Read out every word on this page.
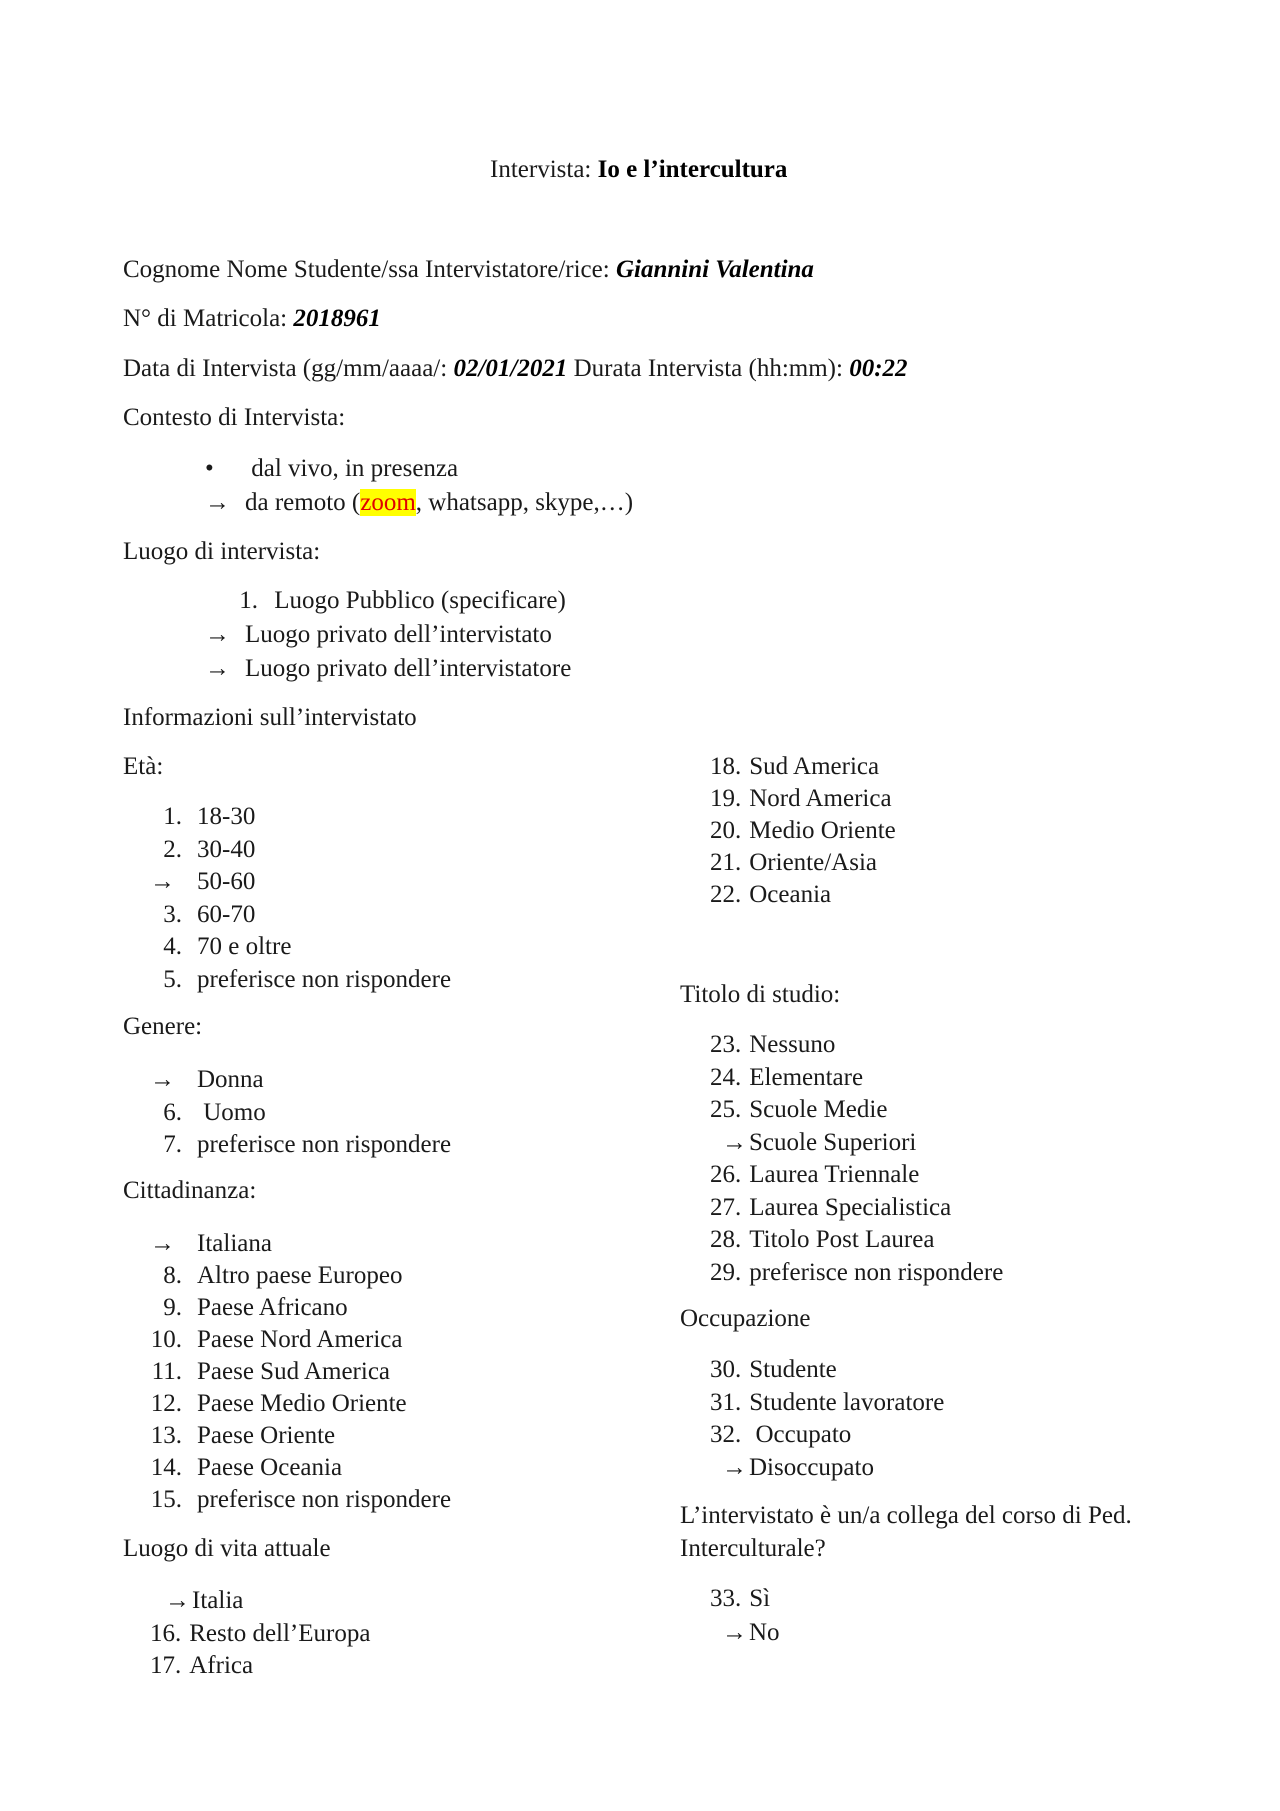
Intervista: Io e l’intercultura
Cognome Nome Studente/ssa Intervistatore/rice: Giannini Valentina
N° di Matricola: 2018961
Data di Intervista (gg/mm/aaaa/: 02/01/2021 Durata Intervista (hh:mm): 00:22
Contesto di Intervista:
• dal vivo, in presenza
→ da remoto (zoom, whatsapp, skype,…)
Luogo di intervista:
1. Luogo Pubblico (specificare)
→ Luogo privato dell’intervistato
→ Luogo privato dell’intervistatore
Informazioni sull’intervistato
Età:
1. 18-30
2. 30-40
→ 50-60
3. 60-70
4. 70 e oltre
5. preferisce non rispondere
Genere:
→ Donna
6. Uomo
7. preferisce non rispondere
Cittadinanza:
→ Italiana
8. Altro paese Europeo
9. Paese Africano
10. Paese Nord America
11. Paese Sud America
12. Paese Medio Oriente
13. Paese Oriente
14. Paese Oceania
15. preferisce non rispondere
Luogo di vita attuale
→Italia
16. Resto dell’Europa
17. Africa
18. Sud America
19. Nord America
20. Medio Oriente
21. Oriente/Asia
22. Oceania
Titolo di studio:
23. Nessuno
24. Elementare
25. Scuole Medie
→Scuole Superiori
26. Laurea Triennale
27. Laurea Specialistica
28. Titolo Post Laurea
29. preferisce non rispondere
Occupazione
30. Studente
31. Studente lavoratore
32. Occupato
→Disoccupato
L’intervistato è un/a collega del corso di Ped.
Interculturale?
33. Sì
→No
